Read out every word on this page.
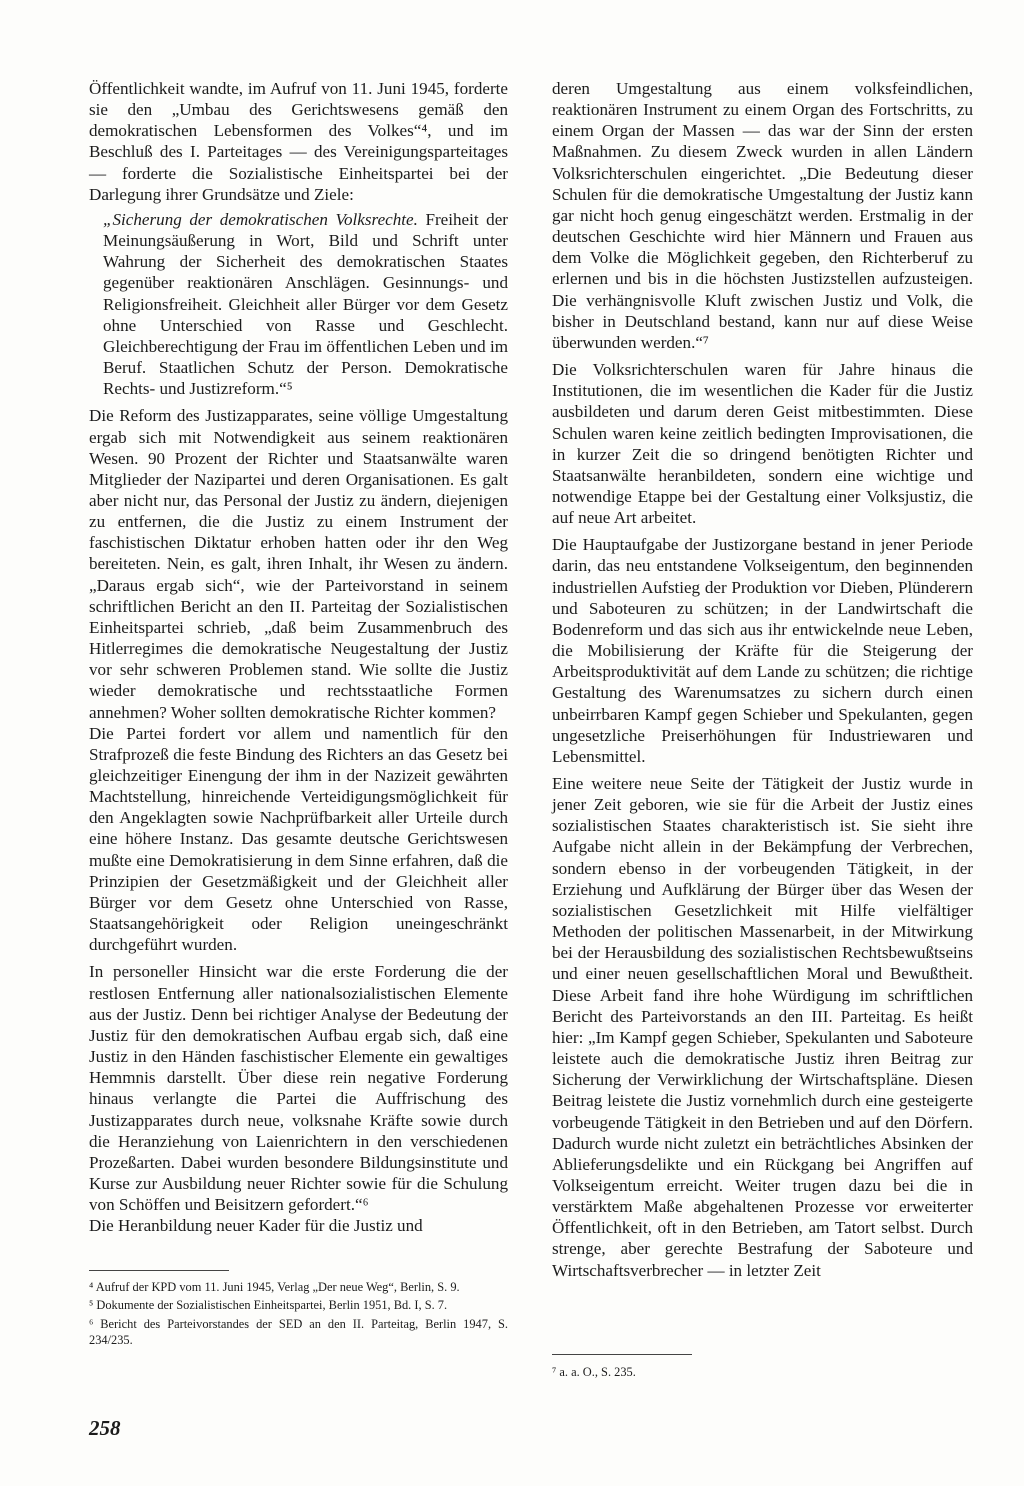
Öffentlichkeit wandte, im Aufruf von 11. Juni 1945, forderte sie den „Umbau des Gerichtswesens gemäß den demokratischen Lebensformen des Volkes“⁴, und im Beschluß des I. Parteitages — des Vereinigungsparteitages — forderte die Sozialistische Einheitspartei bei der Darlegung ihrer Grundsätze und Ziele:

„Sicherung der demokratischen Volksrechte. Freiheit der Meinungsäußerung in Wort, Bild und Schrift unter Wahrung der Sicherheit des demokratischen Staates gegenüber reaktionären Anschlägen. Gesinnungs- und Religionsfreiheit. Gleichheit aller Bürger vor dem Gesetz ohne Unterschied von Rasse und Geschlecht. Gleichberechtigung der Frau im öffentlichen Leben und im Beruf. Staatlichen Schutz der Person. Demokratische Rechts- und Justizreform.“⁵

Die Reform des Justizapparates, seine völlige Umgestaltung ergab sich mit Notwendigkeit aus seinem reaktionären Wesen. 90 Prozent der Richter und Staatsanwälte waren Mitglieder der Nazipartei und deren Organisationen. Es galt aber nicht nur, das Personal der Justiz zu ändern, diejenigen zu entfernen, die die Justiz zu einem Instrument der faschistischen Diktatur erhoben hatten oder ihr den Weg bereiteten. Nein, es galt, ihren Inhalt, ihr Wesen zu ändern. „Daraus ergab sich“, wie der Parteivorstand in seinem schriftlichen Bericht an den II. Parteitag der Sozialistischen Einheitspartei schrieb, „daß beim Zusammenbruch des Hitlerregimes die demokratische Neugestaltung der Justiz vor sehr schweren Problemen stand. Wie sollte die Justiz wieder demokratische und rechtsstaatliche Formen annehmen? Woher sollten demokratische Richter kommen?

Die Partei fordert vor allem und namentlich für den Strafprozeß die feste Bindung des Richters an das Gesetz bei gleichzeitiger Einengung der ihm in der Nazizeit gewährten Machtstellung, hinreichende Verteidigungsmöglichkeit für den Angeklagten sowie Nachprüfbarkeit aller Urteile durch eine höhere Instanz. Das gesamte deutsche Gerichtswesen mußte eine Demokratisierung in dem Sinne erfahren, daß die Prinzipien der Gesetzmäßigkeit und der Gleichheit aller Bürger vor dem Gesetz ohne Unterschied von Rasse, Staatsangehörigkeit oder Religion uneingeschränkt durchgeführt wurden.

In personeller Hinsicht war die erste Forderung die der restlosen Entfernung aller nationalsozialistischen Elemente aus der Justiz. Denn bei richtiger Analyse der Bedeutung der Justiz für den demokratischen Aufbau ergab sich, daß eine Justiz in den Händen faschistischer Elemente ein gewaltiges Hemmnis darstellt. Über diese rein negative Forderung hinaus verlangte die Partei die Auffrischung des Justizapparates durch neue, volksnahe Kräfte sowie durch die Heranziehung von Laienrichtern in den verschiedenen Prozeßarten. Dabei wurden besondere Bildungsinstitute und Kurse zur Ausbildung neuer Richter sowie für die Schulung von Schöffen und Beisitzern gefordert.“⁶

Die Heranbildung neuer Kader für die Justiz und

deren Umgestaltung aus einem volksfeindlichen, reaktionären Instrument zu einem Organ des Fortschritts, zu einem Organ der Massen — das war der Sinn der ersten Maßnahmen. Zu diesem Zweck wurden in allen Ländern Volksrichterschulen eingerichtet. „Die Bedeutung dieser Schulen für die demokratische Umgestaltung der Justiz kann gar nicht hoch genug eingeschätzt werden. Erstmalig in der deutschen Geschichte wird hier Männern und Frauen aus dem Volke die Möglichkeit gegeben, den Richterberuf zu erlernen und bis in die höchsten Justizstellen aufzusteigen. Die verhängnisvolle Kluft zwischen Justiz und Volk, die bisher in Deutschland bestand, kann nur auf diese Weise überwunden werden.“⁷

Die Volksrichterschulen waren für Jahre hinaus die Institutionen, die im wesentlichen die Kader für die Justiz ausbildeten und darum deren Geist mitbestimmten. Diese Schulen waren keine zeitlich bedingten Improvisationen, die in kurzer Zeit die so dringend benötigten Richter und Staatsanwälte heranbildeten, sondern eine wichtige und notwendige Etappe bei der Gestaltung einer Volksjustiz, die auf neue Art arbeitet.

Die Hauptaufgabe der Justizorgane bestand in jener Periode darin, das neu entstandene Volkseigentum, den beginnenden industriellen Aufstieg der Produktion vor Dieben, Plünderern und Saboteuren zu schützen; in der Landwirtschaft die Bodenreform und das sich aus ihr entwickelnde neue Leben, die Mobilisierung der Kräfte für die Steigerung der Arbeitsproduktivität auf dem Lande zu schützen; die richtige Gestaltung des Warenumsatzes zu sichern durch einen unbeirrbaren Kampf gegen Schieber und Spekulanten, gegen ungesetzliche Preiserhöhungen für Industriewaren und Lebensmittel.

Eine weitere neue Seite der Tätigkeit der Justiz wurde in jener Zeit geboren, wie sie für die Arbeit der Justiz eines sozialistischen Staates charakteristisch ist. Sie sieht ihre Aufgabe nicht allein in der Bekämpfung der Verbrechen, sondern ebenso in der vorbeugenden Tätigkeit, in der Erziehung und Aufklärung der Bürger über das Wesen der sozialistischen Gesetzlichkeit mit Hilfe vielfältiger Methoden der politischen Massenarbeit, in der Mitwirkung bei der Herausbildung des sozialistischen Rechtsbewußtseins und einer neuen gesellschaftlichen Moral und Bewußtheit. Diese Arbeit fand ihre hohe Würdigung im schriftlichen Bericht des Parteivorstands an den III. Parteitag. Es heißt hier: „Im Kampf gegen Schieber, Spekulanten und Saboteure leistete auch die demokratische Justiz ihren Beitrag zur Sicherung der Verwirklichung der Wirtschaftspläne. Diesen Beitrag leistete die Justiz vornehmlich durch eine gesteigerte vorbeugende Tätigkeit in den Betrieben und auf den Dörfern. Dadurch wurde nicht zuletzt ein beträchtliches Absinken der Ablieferungsdelikte und ein Rückgang bei Angriffen auf Volkseigentum erreicht. Weiter trugen dazu bei die in verstärktem Maße abgehaltenen Prozesse vor erweiterter Öffentlichkeit, oft in den Betrieben, am Tatort selbst. Durch strenge, aber gerechte Bestrafung der Saboteure und Wirtschaftsverbrecher — in letzter Zeit

⁴ Aufruf der KPD vom 11. Juni 1945, Verlag „Der neue Weg“, Berlin, S. 9.

⁵ Dokumente der Sozialistischen Einheitspartei, Berlin 1951, Bd. I, S. 7.

⁶ Bericht des Parteivorstandes der SED an den II. Parteitag, Berlin 1947, S. 234/235.

⁷ a. a. O., S. 235.

258
